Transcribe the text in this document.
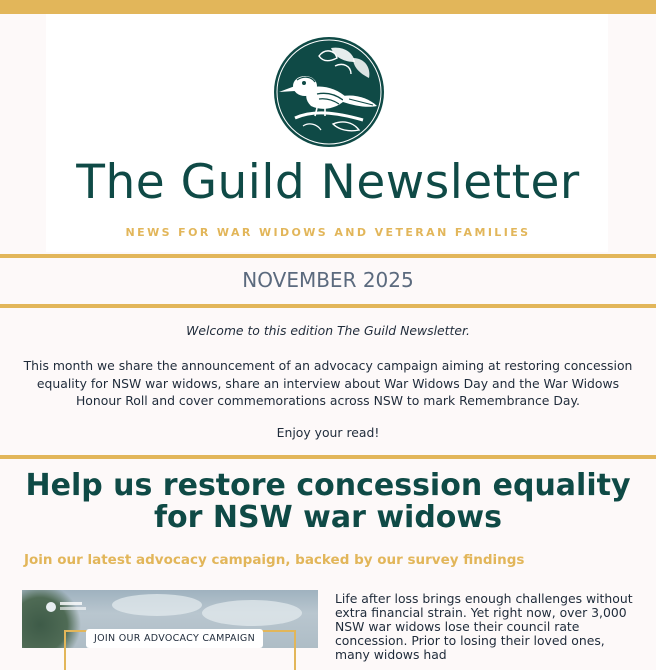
The Guild Newsletter
NEWS FOR WAR WIDOWS AND VETERAN FAMILIES
NOVEMBER 2025
Welcome to this edition The Guild Newsletter.
This month we share the announcement of an advocacy campaign aiming at restoring concession equality for NSW war widows, share an interview about War Widows Day and the War Widows Honour Roll and cover commemorations across NSW to mark Remembrance Day.
Enjoy your read!
Help us restore concession equality for NSW war widows
Join our latest advocacy campaign, backed by our survey findings
JOIN OUR ADVOCACY CAMPAIGN
Life after loss brings enough challenges without extra financial strain. Yet right now, over 3,000 NSW war widows lose their council rate concession. Prior to losing their loved ones, many widows had
